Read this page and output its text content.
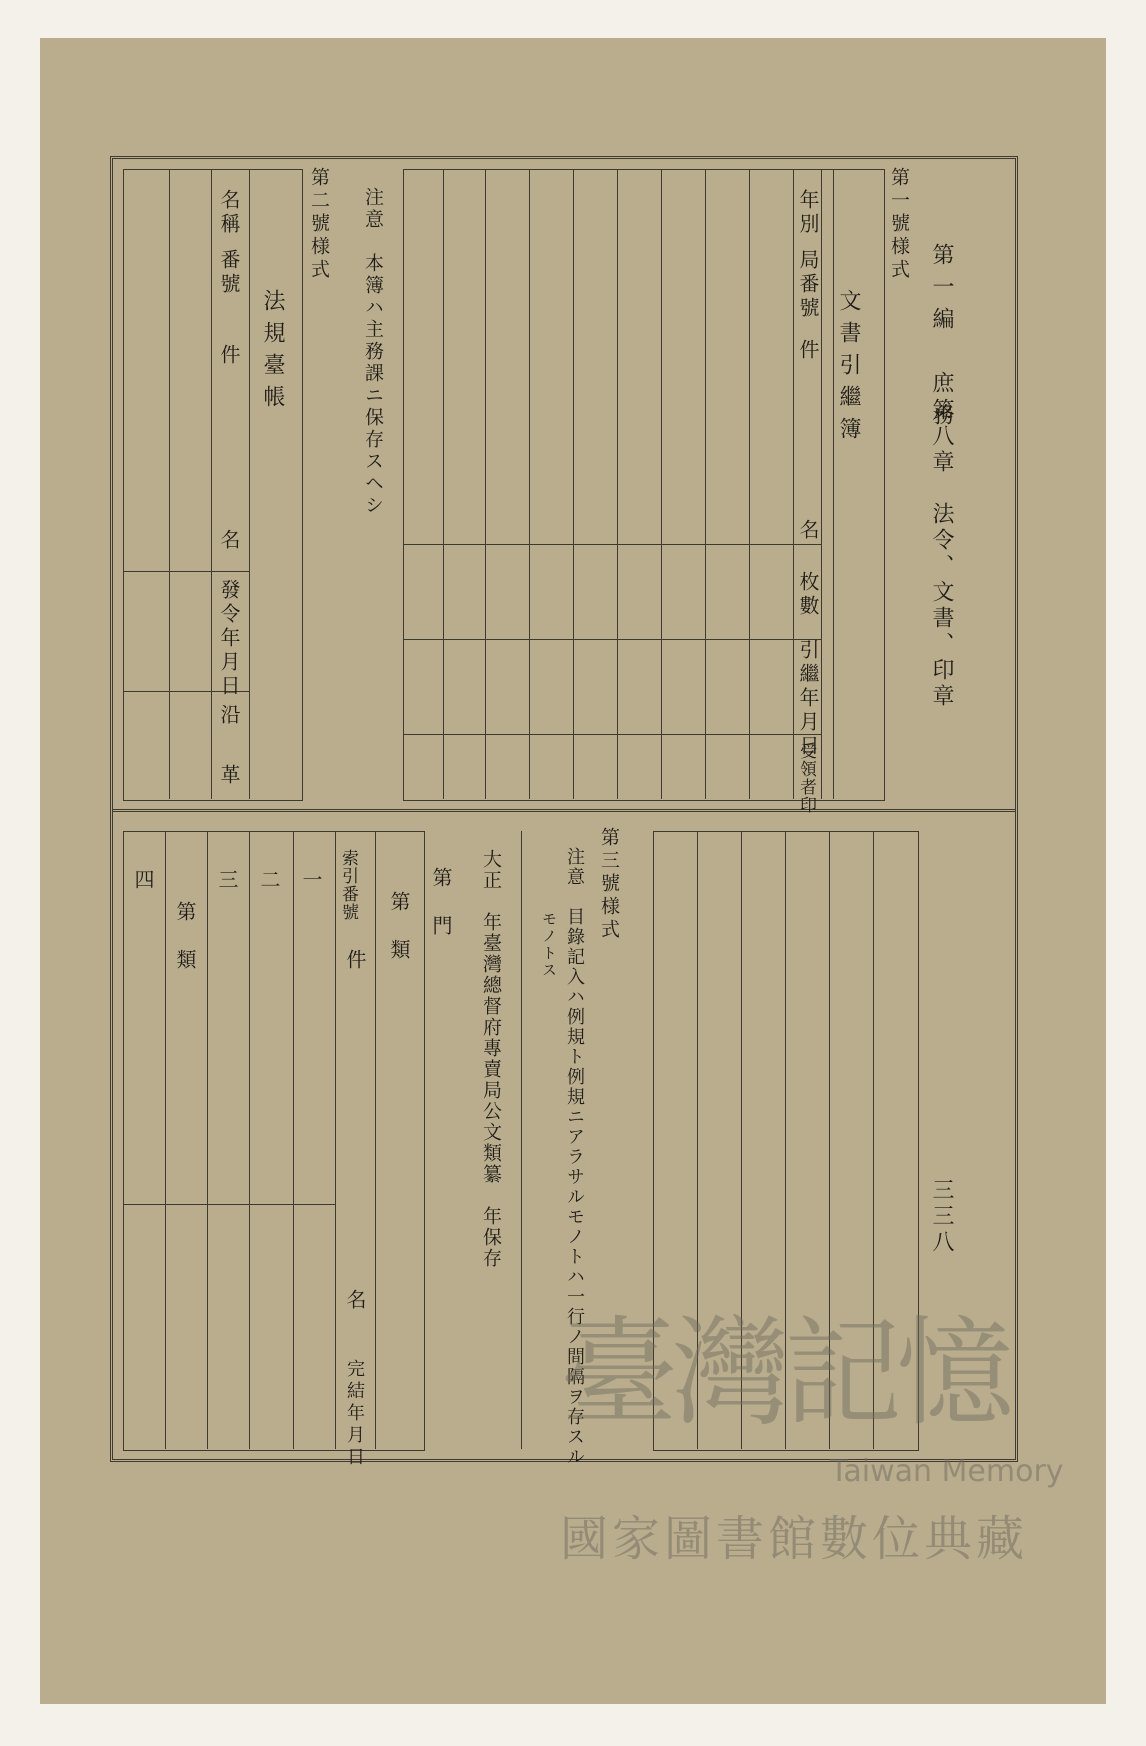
第一編　庶務
第八章　法令、文書、印章
三三八
第一號様式
文書引繼簿
年別
局番號
件
名
枚數
引繼年月日
受領者印
注意　本簿ハ主務課ニ保存スヘシ
第二號様式
法規臺帳
名稱
番號
件
名
發令年月日
沿
革
第三號様式
注意　目錄記入ハ例規ト例規ニアラサルモノトハ一行ノ間隔ヲ存スル
モノトス
大正　年臺灣總督府專賣局公文類纂　年保存
第　門
第　類
索引番號
件
名
完結年月日
一
二
三
第　類
四
臺灣記憶
Taiwan Memory
國家圖書館數位典藏
